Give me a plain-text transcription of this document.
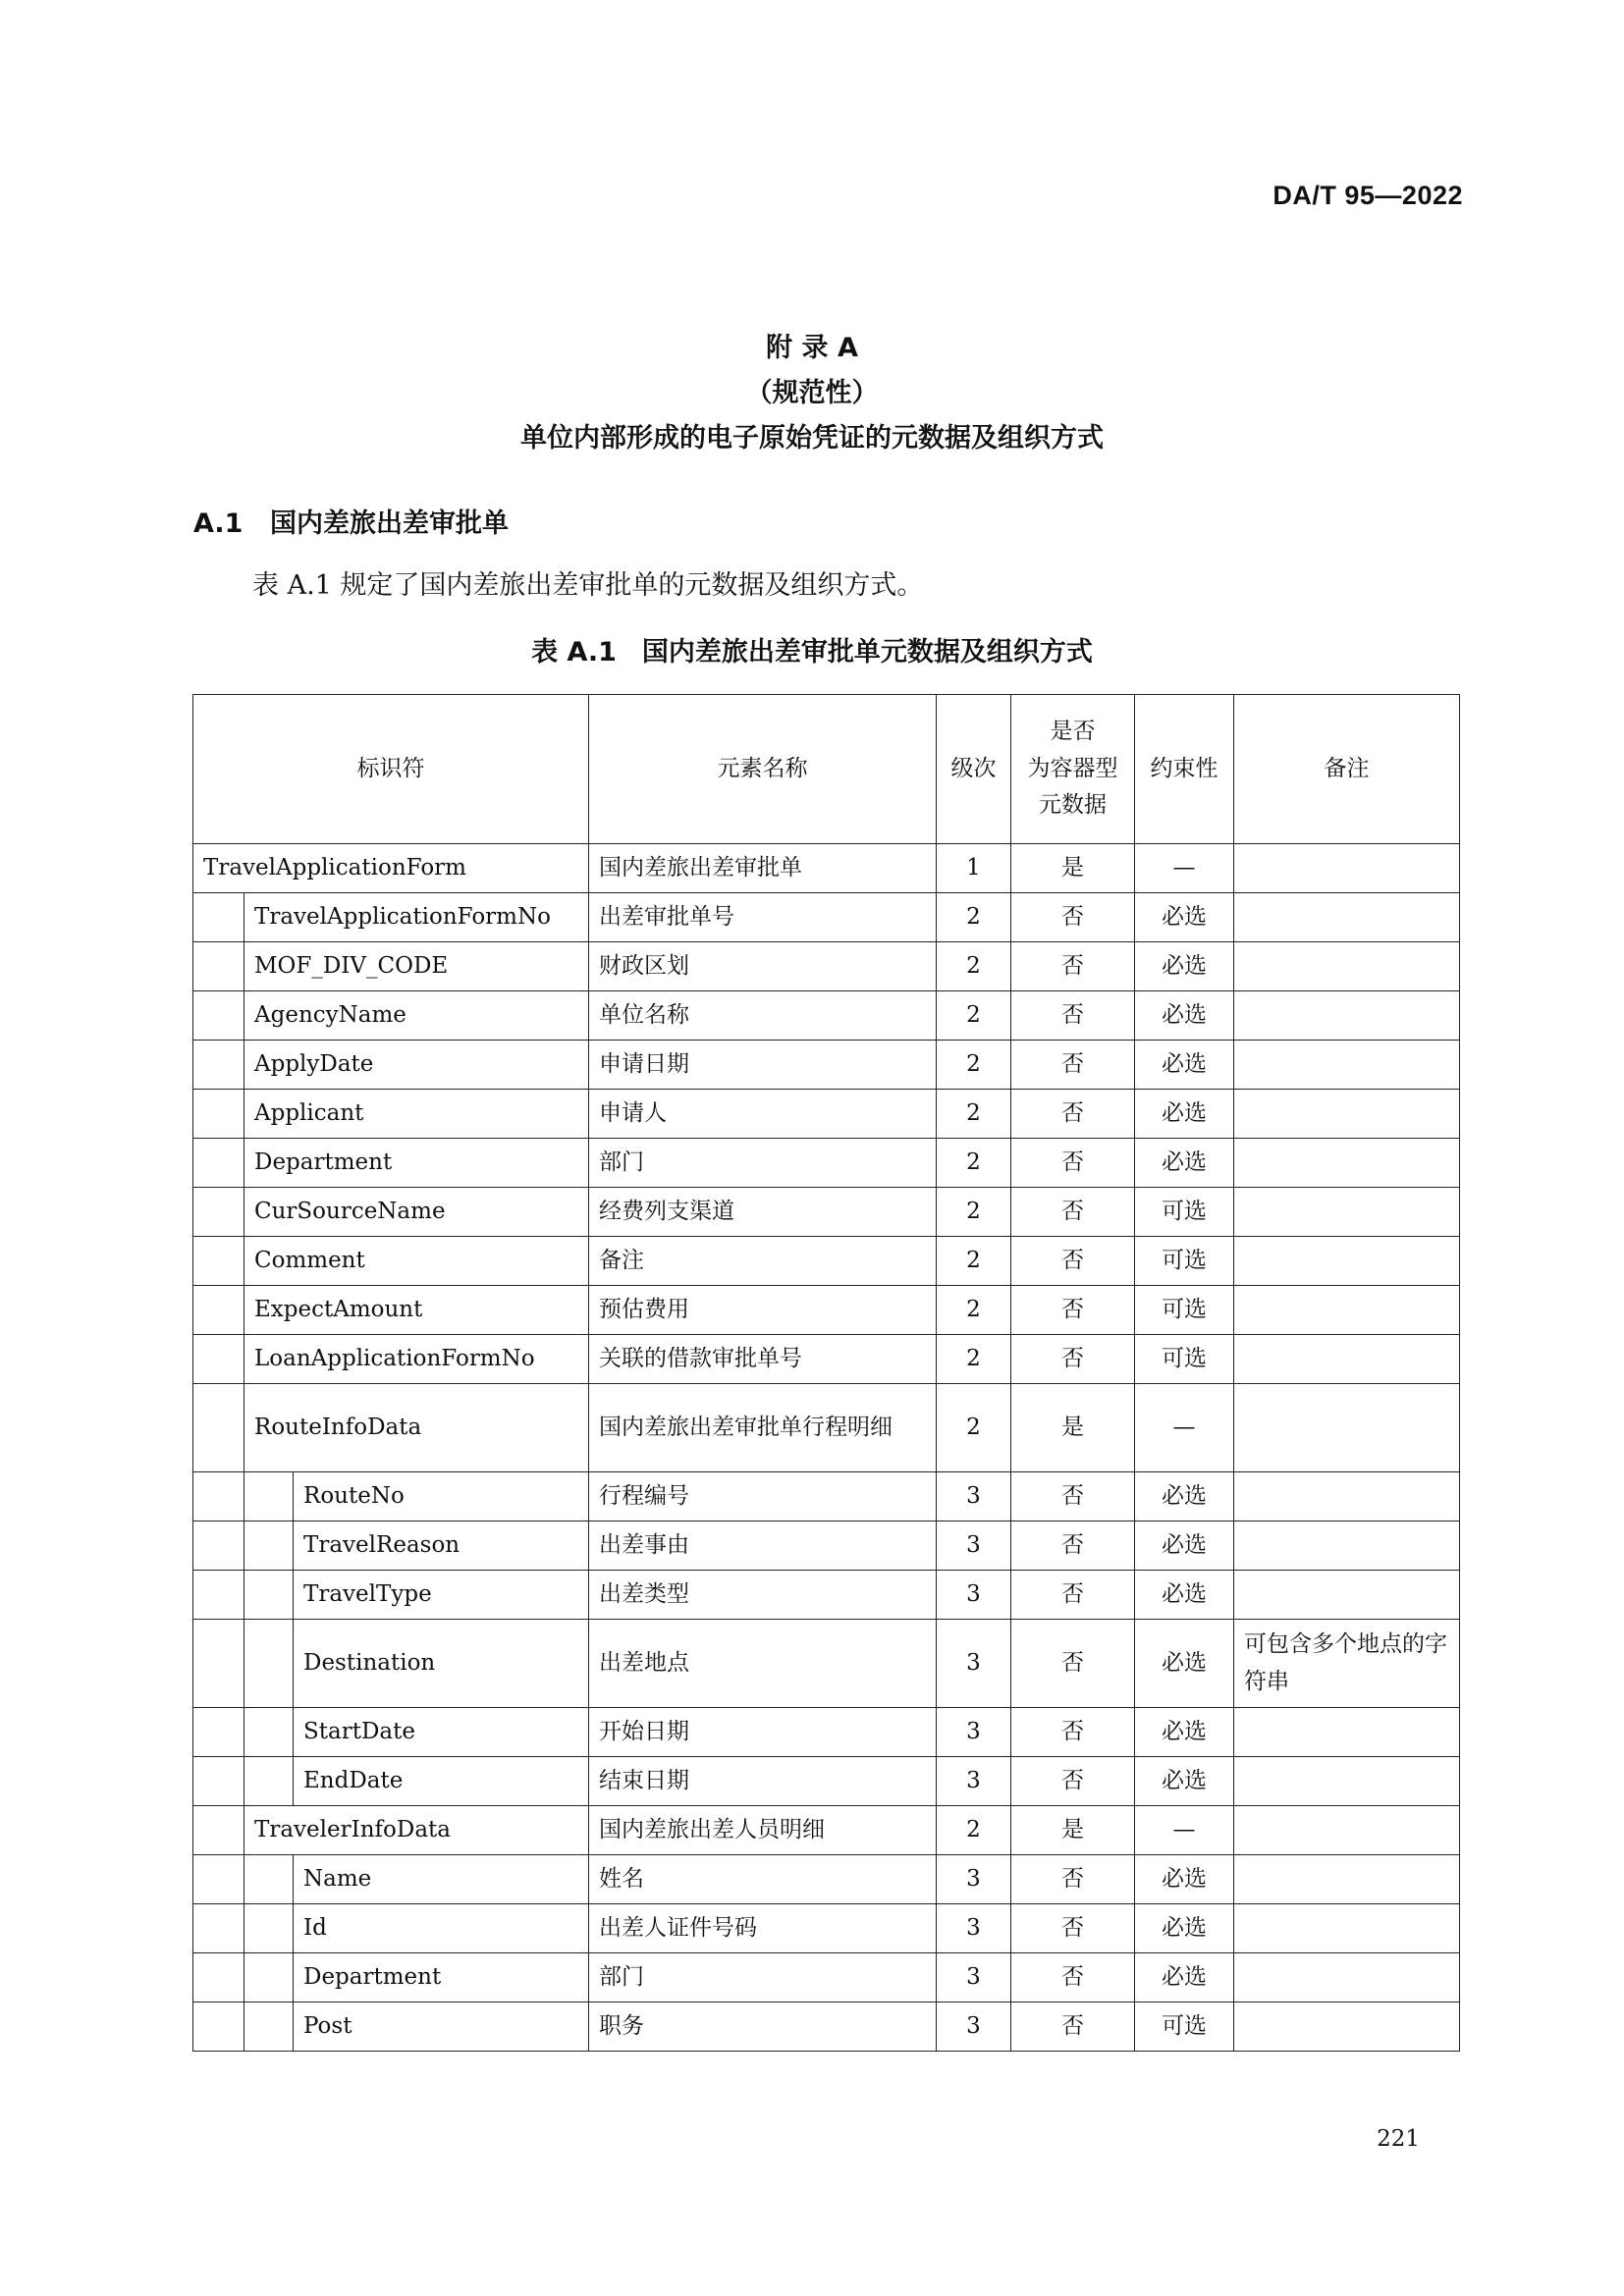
DA/T 95—2022
附 录 A
（规范性）
单位内部形成的电子原始凭证的元数据及组织方式
A.1 国内差旅出差审批单
表 A.1 规定了国内差旅出差审批单的元数据及组织方式。
表 A.1 国内差旅出差审批单元数据及组织方式
标识符			元素名称	级次	是否
为容器型
元数据	约束性	备注
TravelApplicationForm			国内差旅出差审批单	1	是	—	
	TravelApplicationFormNo		出差审批单号	2	否	必选	
	MOF_DIV_CODE		财政区划	2	否	必选	
	AgencyName		单位名称	2	否	必选	
	ApplyDate		申请日期	2	否	必选	
	Applicant		申请人	2	否	必选	
	Department		部门	2	否	必选	
	CurSourceName		经费列支渠道	2	否	可选	
	Comment		备注	2	否	可选	
	ExpectAmount		预估费用	2	否	可选	
	LoanApplicationFormNo		关联的借款审批单号	2	否	可选	
	RouteInfoData		国内差旅出差审批单行程明细	2	是	—	
		RouteNo	行程编号	3	否	必选	
		TravelReason	出差事由	3	否	必选	
		TravelType	出差类型	3	否	必选	
		Destination	出差地点	3	否	必选	可包含多个地点的字符串
		StartDate	开始日期	3	否	必选	
		EndDate	结束日期	3	否	必选	
	TravelerInfoData		国内差旅出差人员明细	2	是	—	
		Name	姓名	3	否	必选	
		Id	出差人证件号码	3	否	必选	
		Department	部门	3	否	必选	
		Post	职务	3	否	可选	
221
